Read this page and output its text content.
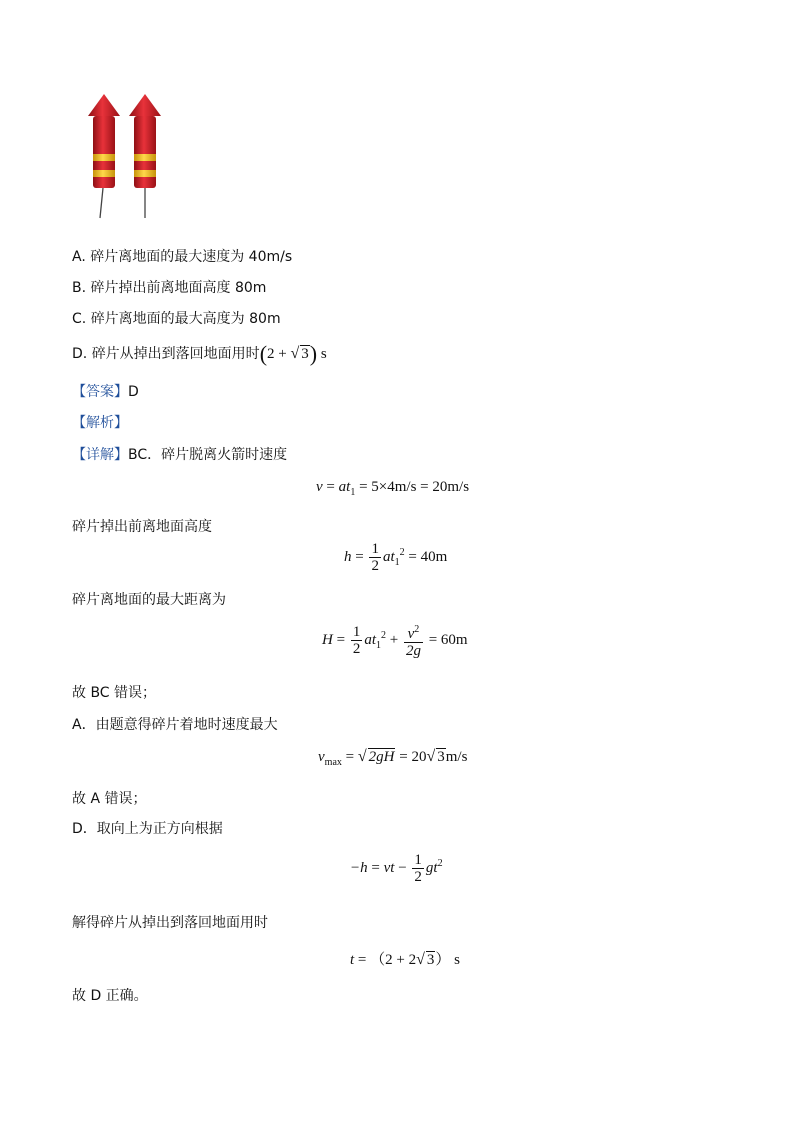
A. 碎片离地面的最大速度为 40m/s
B. 碎片掉出前离地面高度 80m
C. 碎片离地面的最大高度为 80m
D. 碎片从掉出到落回地面用时(2 + √ 3) s
【答案】D
【解析】
【详解】BC．碎片脱离火箭时速度
$v = at_1 = 5\times 4m/s = 20m/s$
碎片掉出前离地面高度
$h = \frac{1}{2} at_1^2 = 40m$
碎片离地面的最大距离为
$H = \frac{1}{2} at_1^2 + \frac{v^2}{2g} = 60m$
故 BC 错误；
A．由题意得碎片着地时速度最大
$v_{max}$ = √ 2gH = 20√ 3m/s
故 A 错误；
D．取向上为正方向根据
−h = vt − $\frac{1}{2} gt^2$
解得碎片从掉出到落回地面用时
t = （2 + 2√ 3） s
故 D 正确。
